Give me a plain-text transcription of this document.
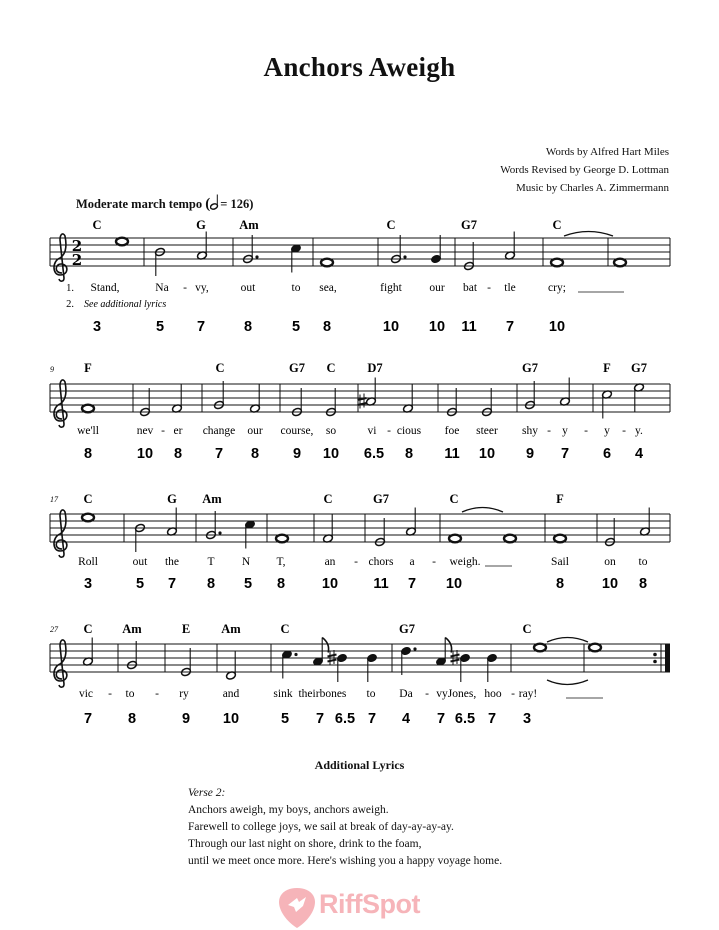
Anchors Aweigh
Words by Alfred Hart Miles
Words Revised by George D. Lottman
Music by Charles A. Zimmermann
Moderate march tempo ( = 126)
2
2
C	G	Am	C	G7	C
1. Stand,	Na - vy,	out	to sea,	fight our bat - tle	cry;
3	5 7	8	5 8	10 10 11 7 10
9 F	C	G7 C	D7	G7	F G7
we'll	nev - er change our course, so	vi - cious foe steer shy - y - y - y.
8	10 8 7 8 9 10 6.5 8 11 10 9 7 6 4
17 C	G Am	C	G7	C	F
Roll	out the T N T,	an - chors a - weigh.	Sail	on to
3	5 7 8 5 8	10 11 7 10	8	10 8
27 C Am	E Am	C	G7	C
vic - to - ry	and	sink their bones to Da - vy Jones, hoo - ray!
7 8	9 10	5 7 6.5 7 4 7 6.5 7 3
2. See additional lyrics
Additional Lyrics
Verse 2:
Anchors aweigh, my boys, anchors aweigh.
Farewell to college joys, we sail at break of day-ay-ay-ay.
Through our last night on shore, drink to the foam,
until we meet once more. Here's wishing you a happy voyage home.
RiffSpot
